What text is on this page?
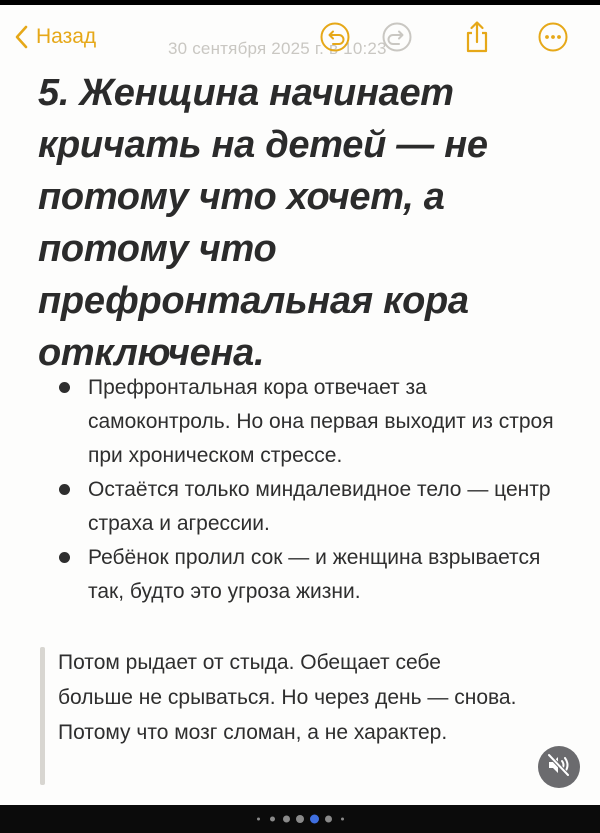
30 сентября 2025 г. в 10:23
Назад
5. Женщина начинает кричать на детей — не потому что хочет, а потому что префронтальная кора отключена.
Префронтальная кора отвечает за самоконтроль. Но она первая выходит из строя при хроническом стрессе.
Остаётся только миндалевидное тело — центр страха и агрессии.
Ребёнок пролил сок — и женщина взрывается так, будто это угроза жизни.
Потом рыдает от стыда. Обещает себе больше не срываться. Но через день — снова. Потому что мозг сломан, а не характер.
